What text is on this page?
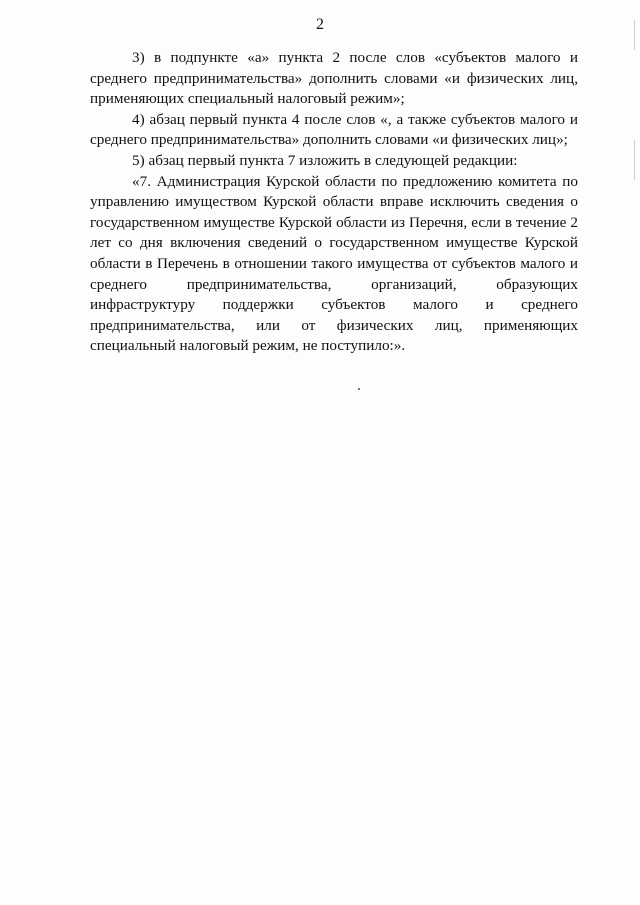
2

3) в подпункте «а» пункта 2 после слов «субъектов малого и среднего предпринимательства» дополнить словами «и физических лиц, применяющих специальный налоговый режим»;

4) абзац первый пункта 4 после слов «, а также субъектов малого и среднего предпринимательства» дополнить словами «и физических лиц»;

5) абзац первый пункта 7 изложить в следующей редакции:

«7. Администрация Курской области по предложению комитета по управлению имуществом Курской области вправе исключить сведения о государственном имуществе Курской области из Перечня, если в течение 2 лет со дня включения сведений о государственном имуществе Курской области в Перечень в отношении такого имущества от субъектов малого и среднего предпринимательства, организаций, образующих инфраструктуру поддержки субъектов малого и среднего предпринимательства, или от физических лиц, применяющих специальный налоговый режим, не поступило:».
